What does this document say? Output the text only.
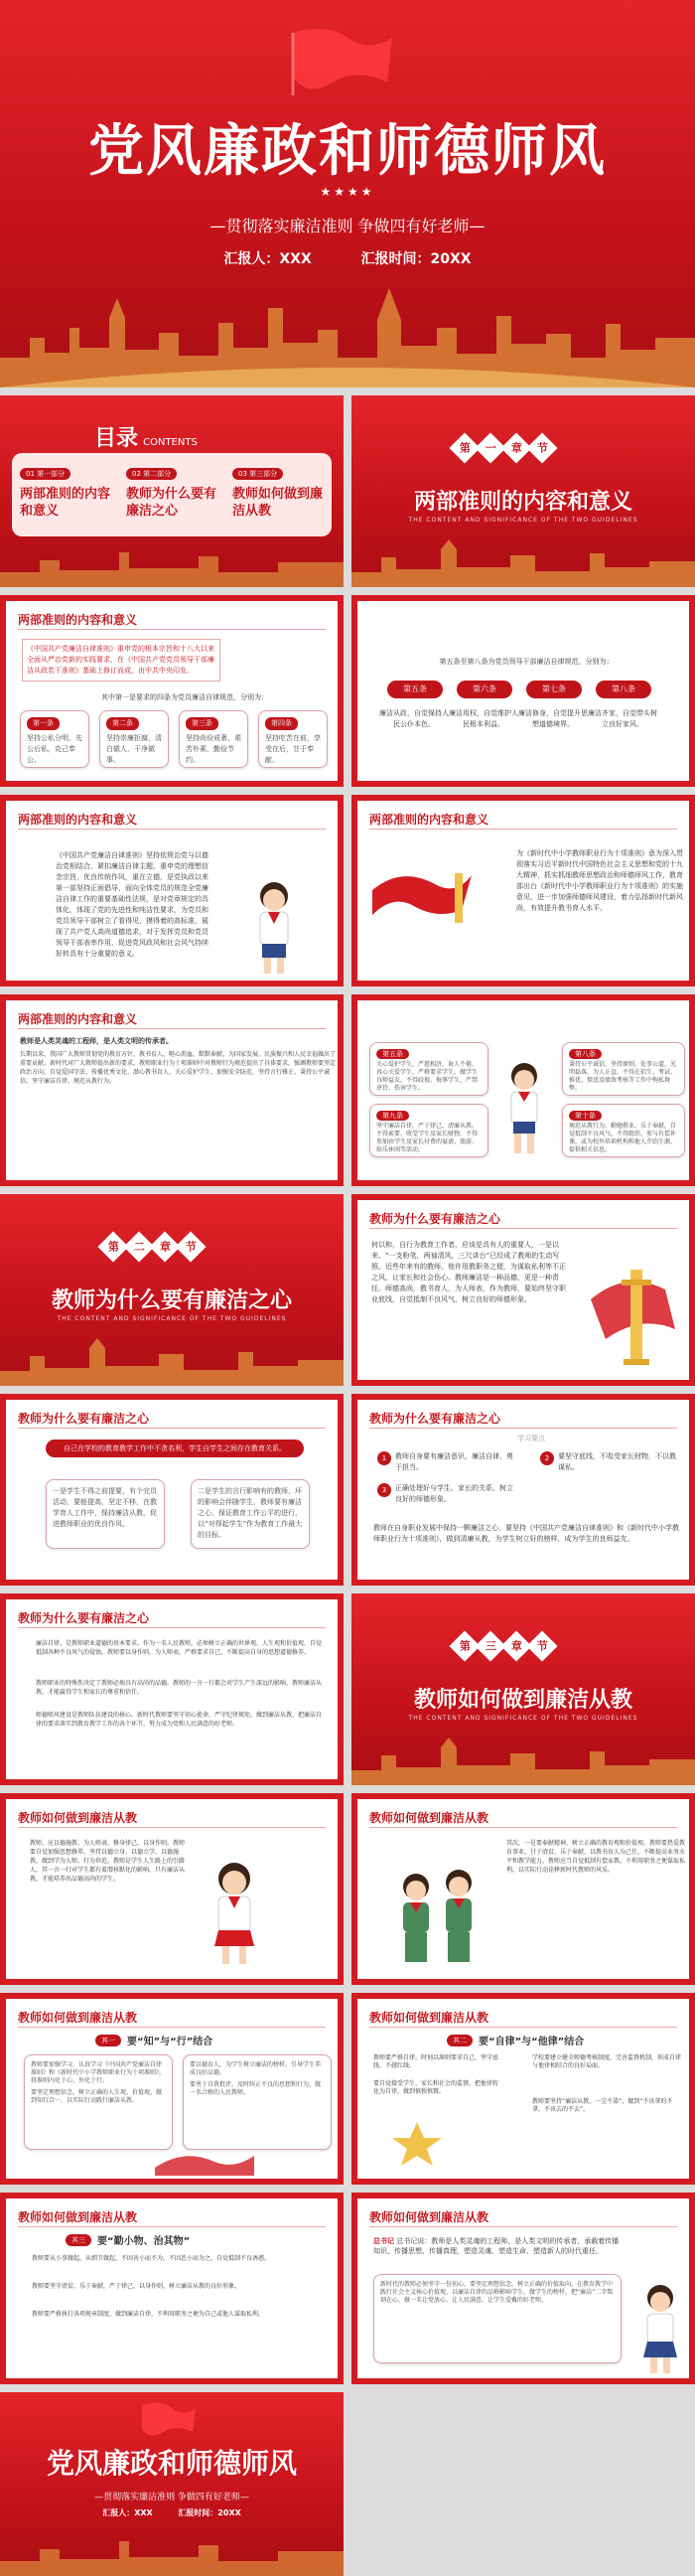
党风廉政和师德师风
★★★★
—贯彻落实廉洁准则 争做四有好老师—
汇报人：XXX	汇报时间：20XX
目录 CONTENTS
01 第一部分
两部准则的内容和意义
02 第二部分
教师为什么要有廉洁之心
03 第三部分
教师如何做到廉洁从教
第	一	章	节
两部准则的内容和意义
THE CONTENT AND SIGNIFICANCE OF THE TWO GUIDELINES
两部准则的内容和意义
《中国共产党廉洁自律准则》重申党的根本宗旨和十八大以来全面从严治党新的实践要求，在《中国共产党党员领导干部廉洁从政若干准则》基础上修订而成，由中共中央印发。
其中第一是要求的四条为党员廉洁自律规范，分别为：
第一条
坚持公私分明，先公后私，克己奉公。
第二条
坚持崇廉拒腐，清白做人，干净做事。
第三条
坚持尚俭戒奢，艰苦朴素，勤俭节约。
第四条
坚持吃苦在前，享受在后，甘于奉献。
第五条至第八条为党员领导干部廉洁自律规范，分别为：
第五条	第六条	第七条	第八条
廉洁从政，自觉保持人民公仆本色。
廉洁用权，自觉维护人民根本利益。
廉洁修身，自觉提升思想道德境界。
廉洁齐家，自觉带头树立良好家风。
两部准则的内容和意义
《中国共产党廉洁自律准则》坚持依规治党与以德治党相结合，紧扣廉洁自律主题，重申党的理想信念宗旨，优良传统作风，重在立德，是党执政以来第一部坚持正面倡导、面向全体党员的规范全党廉洁自律工作的重要基础性法规，是对党章规定的具体化，体现了党的先进性和纯洁性要求，为党员和党员领导干部树立了看得见、摸得着的高标准，展现了共产党人高尚道德追求，对于发挥党员和党员领导干部表率作用，促进党风政风和社会风气持续好转具有十分重要的意义。
两部准则的内容和意义
为《新时代中小学教师职业行为十项准则》意为深入贯彻落实习近平新时代中国特色社会主义思想和党的十九大精神，抓实抓细教师思想政治和师德师风工作，教育部出台《新时代中小学教师职业行为十项准则》的实施意见，进一步加强师德师风建设，着力弘扬新时代新风尚，有效提升教书育人水平。
两部准则的内容和意义
教师是人类灵魂的工程师，是人类文明的传承者。
长期以来，我国广大教师贯彻党的教育方针，教书育人，呕心沥血，默默奉献，为国家发展、民族振兴和人民幸福做出了重要贡献。新时代对广大教师提出新的要求，教师职业行为十项准则中对教师行为规范提出了具体要求，强调教师要坚定政治方向、自觉爱国守法、传播优秀文化、潜心教书育人、关心爱护学生、加强安全防范、坚持言行雅正、秉持公平诚信、坚守廉洁自律、规范从教行为。
第五条
关心爱护学生，严慈相济，诲人不倦，真心关爱学生，严格要求学生，做学生良师益友。不得歧视、侮辱学生，严禁虐待、伤害学生。
第九条
坚守廉洁自律，严于律己，清廉从教。不得索要、收受学生及家长财物，不得参加由学生及家长付费的宴请、旅游、娱乐休闲等活动。
第八条
秉持公平诚信，坚持原则，处事公道，光明磊落，为人正直。不得在招生、考试、推优、保送及绩效考核等工作中徇私舞弊。
第十条
规范从教行为，勤勉敬业，乐于奉献，自觉抵制不良风气。不得组织、参与有偿补课，或为校外培训机构和他人介绍生源、提供相关信息。
第	二	章	节
教师为什么要有廉洁之心
THE CONTENT AND SIGNIFICANCE OF THE TWO GUIDELINES
教师为什么要有廉洁之心
何以和，自行为教育工作者，应该是具有人的重要人，一是以来、“一支粉笔，两袖清风，三尺讲台”已经成了教师的生动写照。近些年来有的教师，他许用教职务之便，为谋取私利等不正之风，让家长和社会伤心。教师廉洁是一种品德，更是一种责任。师德高尚，教书育人，为人师表，作为教师，要始终坚守职业底线，自觉抵制不良风气，树立良好的师德形象。
教师为什么要有廉洁之心
自己在学校的教育教学工作中不贪名利，学生自学生之间存在教育关系。
一是学生不得之前提要，有个完员活动，要能提高，坚定不移，在教学育人工作中，保持廉洁从教，促进教师职业的优良作风。
二是学生的言行影响有的教师，坏的影响会伴随学生，教师要有廉洁之心，保证教育工作公平的进行，以“对得起学生”作为教育工作最大的目标。
教师为什么要有廉洁之心
学习要点
1	教师自身要有廉洁意识，廉洁自律，勇于担当。
2	要坚守底线，不收受家长财物，不以教谋私。
3	正确处理好与学生、家长的关系，树立良好的师德形象。
教师在自身职业发展中保持一颗廉洁之心，要坚持《中国共产党廉洁自律准则》和《新时代中小学教师职业行为十项准则》，做到清廉从教，为学生树立好的榜样，成为学生的良师益友。
教师为什么要有廉洁之心
廉洁自律，是教师职业道德的基本要求。作为一名人民教师，必须树立正确的世界观、人生观和价值观，自觉抵制各种不良风气的侵蚀。教师要以身作则，为人师表，严格要求自己，不断提高自身的思想道德修养。
教师职业的特殊性决定了教师必须具有高尚的品德。教师的一言一行都会对学生产生深远的影响，教师廉洁从教，才能赢得学生和家长的尊重和信任。
师德师风建设是教师队伍建设的核心。新时代教师要坚守初心使命，严守纪律规矩，做到廉洁从教，把廉洁自律的要求落实到教育教学工作的各个环节，努力成为党和人民满意的好老师。
第	三	章	节
教师如何做到廉洁从教
THE CONTENT AND SIGNIFICANCE OF THE TWO GUIDELINES
教师如何做到廉洁从教
教师，应以德施教、为人师表，修身律己，以身作则。教师要自觉加强思想修养，坚持以德立身、以德立学、以德施教，做到学为人师、行为世范。教师是学生人生路上的引路人，其一言一行对学生都有着潜移默化的影响。只有廉洁从教，才能培养出品德高尚的学生。
教师如何做到廉洁从教
其次，一是要奉献精神，树立正确的教育观和价值观。教师要热爱教育事业，甘于清贫，乐于奉献，以教书育人为己任，不断提高业务水平和教学能力。教师应当自觉抵制有偿家教，不利用职务之便谋取私利，以实际行动诠释新时代教师的风采。
教师如何做到廉洁从教
其一	要“知”与“行”结合
教师要加强学习，认真学习《中国共产党廉洁自律准则》和《新时代中小学教师职业行为十项准则》，将准则内化于心、外化于行。
要坚定理想信念，树立正确的人生观、价值观，做到知行合一，以实际行动践行廉洁从教。
要以德育人，为学生树立廉洁的榜样，引导学生养成良好品德。
要勇于自我批评，及时纠正不良的思想和行为，做一名合格的人民教师。
教师如何做到廉洁从教
其二	要“自律”与“他律”结合
教师要严格自律，时刻以准则要求自己，坚守底线，不越红线。
要自觉接受学生、家长和社会的监督，把他律转化为自律，做到慎独慎微。
学校要建立健全师德考核制度，完善监督机制，形成自律与他律相结合的良好局面。
教师要坚持“廉洁从教、一尘不染”，做到“不该拿的不拿，不该去的不去”。
教师如何做到廉洁从教
其三	要“勤小物、治其物”
教师要从小事做起，从细节做起，不因善小而不为，不因恶小而为之，自觉抵制不良诱惑。
教师要坚守清贫，乐于奉献，严于律己，以身作则，树立廉洁从教的良好形象。
教师要严格执行各项规章制度，做到廉洁自律，不利用职务之便为自己或他人谋取私利。
教师如何做到廉洁从教
总书记 总书记说：教师是人类灵魂的工程师，是人类文明的传承者，承载着传播知识、传播思想、传播真理，塑造灵魂、塑造生命、塑造新人的时代重任。
新时代的教师必须坚守一份初心，要坚定理想信念，树立正确的价值取向，在教育教学中践行社会主义核心价值观，以廉洁自律的品格影响学生，做学生的榜样，把“廉洁”二字铭刻在心，做一名让党放心、让人民满意、让学生爱戴的好老师。
党风廉政和师德师风
—贯彻落实廉洁准则 争做四有好老师—
汇报人：XXX	汇报时间：20XX
